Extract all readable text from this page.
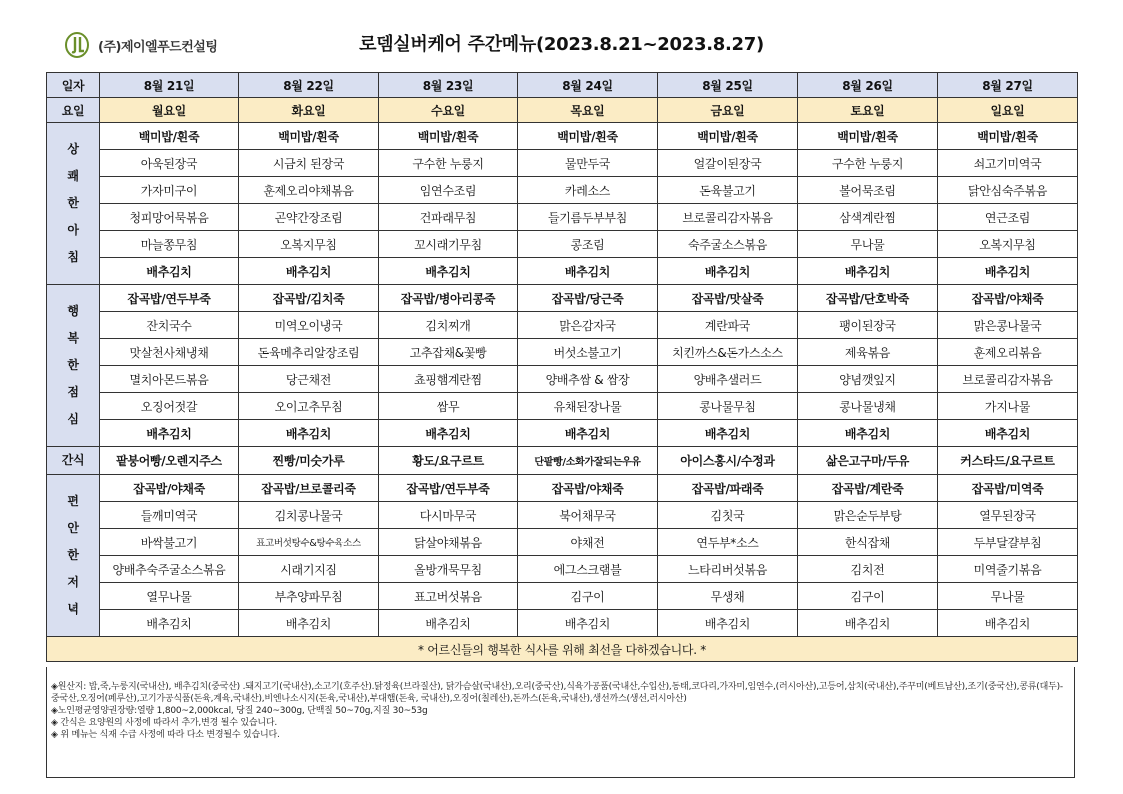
(주)제이엘푸드컨설팅	로뎀실버케어 주간메뉴(2023.8.21~2023.8.27)
일자	8월 21일	8월 22일	8월 23일	8월 24일	8월 25일	8월 26일	8월 27일
요일	월요일	화요일	수요일	목요일	금요일	토요일	일요일
상
쾌
한
아
침	백미밥/흰죽	백미밥/흰죽	백미밥/흰죽	백미밥/흰죽	백미밥/흰죽	백미밥/흰죽	백미밥/흰죽
	아욱된장국	시금치 된장국	구수한 누룽지	물만두국	얼갈이된장국	구수한 누룽지	쇠고기미역국
	가자미구이	훈제오리야채볶음	임연수조림	카레소스	돈육불고기	볼어묵조림	닭안심숙주볶음
	청피망어묵볶음	곤약간장조림	건파래무침	들기름두부부침	브로콜리감자볶음	삼색계란찜	연근조림
	마늘쫑무침	오복지무침	꼬시래기무침	콩조림	숙주굴소스볶음	무나물	오복지무침
	배추김치	배추김치	배추김치	배추김치	배추김치	배추김치	배추김치
행
복
한
점
심	잡곡밥/연두부죽	잡곡밥/김치죽	잡곡밥/병아리콩죽	잡곡밥/당근죽	잡곡밥/맛살죽	잡곡밥/단호박죽	잡곡밥/야채죽
	잔치국수	미역오이냉국	김치찌개	맑은감자국	계란파국	팽이된장국	맑은콩나물국
	맛살천사채냉채	돈육메추리알장조림	고추잡채&꽃빵	버섯소불고기	치킨까스&돈가스소스	제육볶음	훈제오리볶음
	멸치아몬드볶음	당근채전	쵸핑햄계란찜	양배추쌈 & 쌈장	양배추샐러드	양념깻잎지	브로콜리감자볶음
	오징어젓갈	오이고추무침	쌈무	유채된장나물	콩나물무침	콩나물냉채	가지나물
	배추김치	배추김치	배추김치	배추김치	배추김치	배추김치	배추김치
간식	팥붕어빵/오렌지주스	찐빵/미숫가루	황도/요구르트	단팥빵/소화가잘되는우유	아이스홍시/수정과	삶은고구마/두유	커스타드/요구르트
편
안
한
저
녁	잡곡밥/야채죽	잡곡밥/브로콜리죽	잡곡밥/연두부죽	잡곡밥/야채죽	잡곡밥/파래죽	잡곡밥/계란죽	잡곡밥/미역죽
	들깨미역국	김치콩나물국	다시마무국	북어채무국	김칫국	맑은순두부탕	열무된장국
	바싹불고기	표고버섯탕수&탕수육소스	닭살야채볶음	야채전	연두부*소스	한식잡채	두부달걀부침
	양배추숙주굴소스볶음	시래기지짐	올방개묵무침	에그스크램블	느타리버섯볶음	김치전	미역줄기볶음
	열무나물	부추양파무침	표고버섯볶음	김구이	무생채	김구이	무나물
	배추김치	배추김치	배추김치	배추김치	배추김치	배추김치	배추김치
* 어르신들의 행복한 식사를 위해 최선을 다하겠습니다. *							
◈원산지: 밥,죽,누룽지(국내산), 배추김치(중국산) .돼지고기(국내산),소고기(호주산).닭정육(브라질산), 닭가슴살(국내산),오리(중국산),식육가공품(국내산,수입산),동태,코다리,가자미,임연수,(러시아산),고등어,삼치(국내산),주꾸미(베트남산),조기(중국산),콩류(대두)-중국산,오징어(페루산),고기가공식품(돈육,계육,국내산),비엔나소시지(돈육,국내산),부대햄(돈육, 국내산),오징어(칠레산),돈까스(돈육,국내산),생선까스(생선,러시아산)
◈노인평균영양권장량:열량 1,800~2,000kcal, 당질 240~300g, 단백질 50~70g,지질 30~53g
◈ 간식은 요양원의 사정에 따라서 추가,변경 될수 있습니다.
◈ 위 메뉴는 식재 수급 사정에 따라 다소 변경될수 있습니다.
